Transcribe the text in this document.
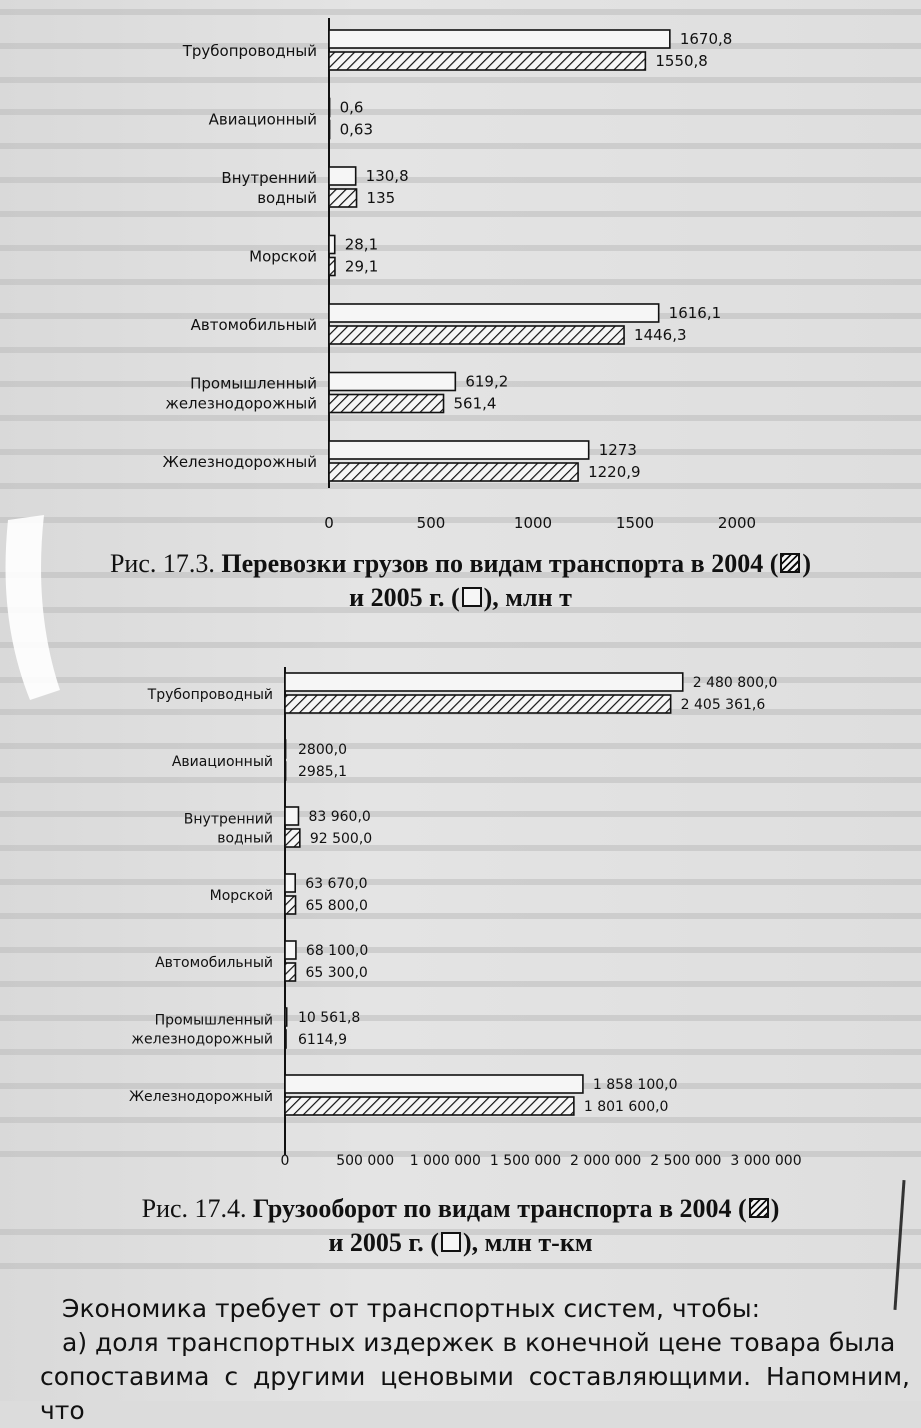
Трубопроводный
1670,8
1550,8
Авиационный
0,6
0,63
Внутренний
водный
130,8
135
Морской
28,1
29,1
Автомобильный
1616,1
1446,3
Промышленный
железнодорожный
619,2
561,4
Железнодорожный
1273
1220,9
0	500	1000	1500	2000
Рис. 17.3. Перевозки грузов по видам транспорта в 2004 ( )
и 2005 г. ( ), млн т
Трубопроводный
2 480 800,0
2 405 361,6
Авиационный
2800,0
2985,1
Внутренний
водный
83 960,0
92 500,0
Морской
63 670,0
65 800,0
Автомобильный
68 100,0
65 300,0
Промышленный
железнодорожный
10 561,8
6114,9
Железнодорожный
1 858 100,0
1 801 600,0
0	500 000 1 000 000 1 500 000 2 000 000 2 500 000 3 000 000
Рис. 17.4. Грузооборот по видам транспорта в 2004 ( )
и 2005 г. ( ), млн т-км

Экономика требует от транспортных систем, чтобы:

а) доля транспортных издержек в конечной цене товара была

сопоставима с другими ценовыми составляющими. Напомним, что
